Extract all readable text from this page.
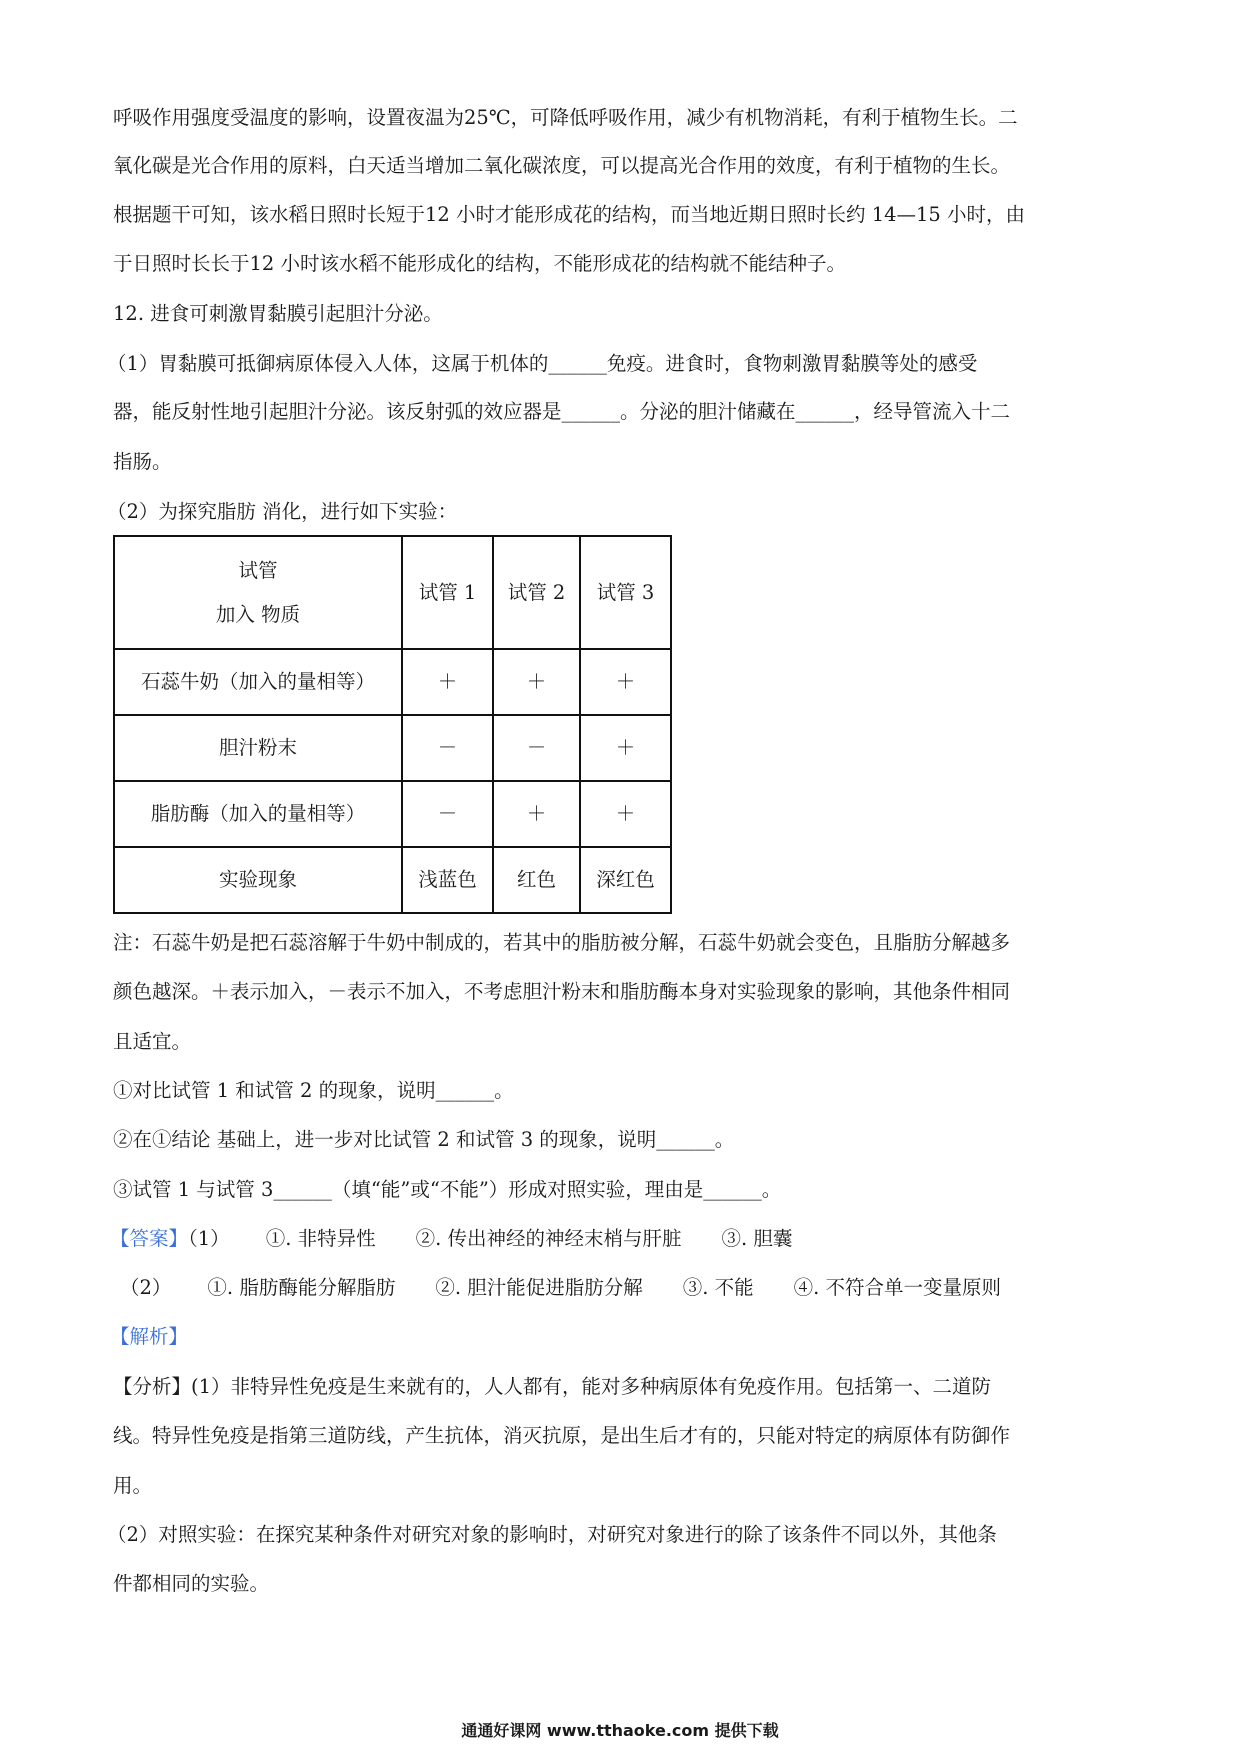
呼吸作用强度受温度的影响，设置夜温为25℃，可降低呼吸作用，减少有机物消耗，有利于植物生长。二
氧化碳是光合作用的原料，白天适当增加二氧化碳浓度，可以提高光合作用的效度，有利于植物的生长。
根据题干可知，该水稻日照时长短于12 小时才能形成花的结构，而当地近期日照时长约 14—15 小时，由
于日照时长长于12 小时该水稻不能形成化的结构，不能形成花的结构就不能结种子。
12. 进食可刺激胃黏膜引起胆汁分泌。
（1）胃黏膜可抵御病原体侵入人体，这属于机体的______免疫。进食时，食物刺激胃黏膜等处的感受
器，能反射性地引起胆汁分泌。该反射弧的效应器是______。分泌的胆汁储藏在______，经导管流入十二
指肠。
（2）为探究脂肪 消化，进行如下实验：
试管
加入 物质	试管 1	试管 2	试管 3
石蕊牛奶（加入的量相等）	＋	＋	＋
胆汁粉末	－	－	＋
脂肪酶（加入的量相等）	－	＋	＋
实验现象	浅蓝色	红色	深红色
注：石蕊牛奶是把石蕊溶解于牛奶中制成的，若其中的脂肪被分解，石蕊牛奶就会变色，且脂肪分解越多
颜色越深。＋表示加入，－表示不加入，不考虑胆汁粉末和脂肪酶本身对实验现象的影响，其他条件相同
且适宜。
①对比试管 1 和试管 2 的现象，说明______。
②在①结论 基础上，进一步对比试管 2 和试管 3 的现象，说明______。
③试管 1 与试管 3______（填“能”或“不能”）形成对照实验，理由是______。
【答案】（1） ①. 非特异性 ②. 传出神经的神经末梢与肝脏 ③. 胆囊
（2） ①. 脂肪酶能分解脂肪 ②. 胆汁能促进脂肪分解 ③. 不能 ④. 不符合单一变量原则
【解析】
【分析】(1）非特异性免疫是生来就有的，人人都有，能对多种病原体有免疫作用。包括第一、二道防
线。特异性免疫是指第三道防线，产生抗体，消灭抗原，是出生后才有的，只能对特定的病原体有防御作
用。
（2）对照实验：在探究某种条件对研究对象的影响时，对研究对象进行的除了该条件不同以外，其他条
件都相同的实验。
通通好课网 www.tthaoke.com 提供下载
